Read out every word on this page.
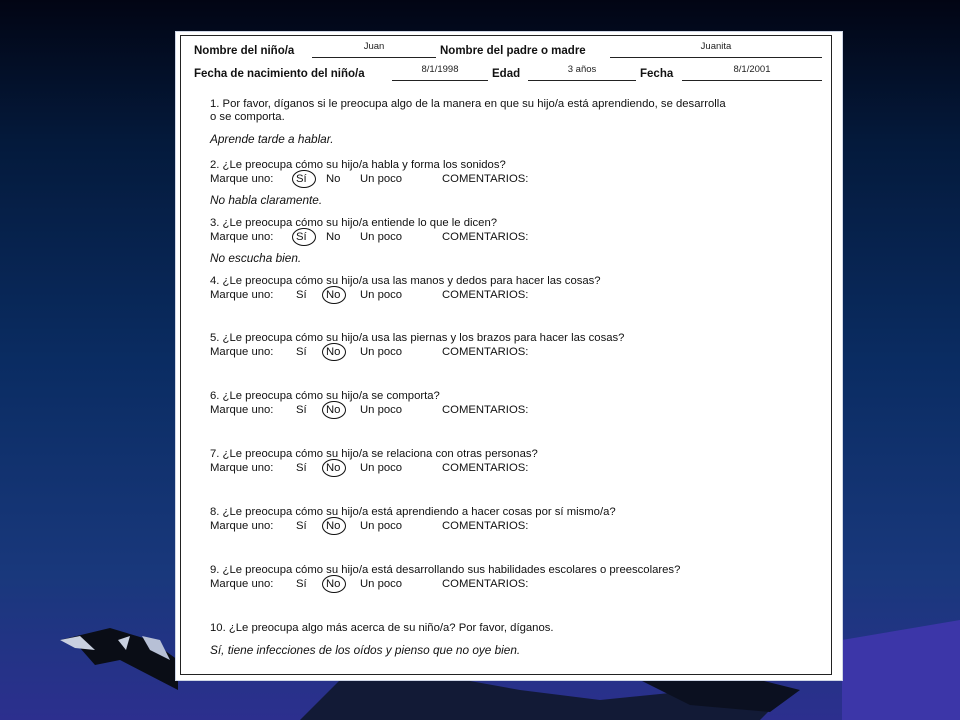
Nombre del niño/a	Juan	Nombre del padre o madre	Juanita
Fecha de nacimiento del niño/a	8/1/1998	Edad	3 años	Fecha	8/1/2001
1. Por favor, díganos si le preocupa algo de la manera en que su hijo/a está aprendiendo, se desarrolla
o se comporta.
Aprende tarde a hablar.
2. ¿Le preocupa cómo su hijo/a habla y forma los sonidos?
Marque uno: Sí No Un poco	COMENTARIOS:
No habla claramente.
3. ¿Le preocupa cómo su hijo/a entiende lo que le dicen?
Marque uno: Sí No Un poco	COMENTARIOS:
No escucha bien.
4. ¿Le preocupa cómo su hijo/a usa las manos y dedos para hacer las cosas?
Marque uno: Sí No Un poco	COMENTARIOS:
5. ¿Le preocupa cómo su hijo/a usa las piernas y los brazos para hacer las cosas?
Marque uno: Sí No Un poco	COMENTARIOS:
6. ¿Le preocupa cómo su hijo/a se comporta?
Marque uno: Sí No Un poco	COMENTARIOS:
7. ¿Le preocupa cómo su hijo/a se relaciona con otras personas?
Marque uno: Sí No Un poco	COMENTARIOS:
8. ¿Le preocupa cómo su hijo/a está aprendiendo a hacer cosas por sí mismo/a?
Marque uno: Sí No Un poco	COMENTARIOS:
9. ¿Le preocupa cómo su hijo/a está desarrollando sus habilidades escolares o preescolares?
Marque uno: Sí No Un poco	COMENTARIOS:
10. ¿Le preocupa algo más acerca de su niño/a? Por favor, díganos.
Sí, tiene infecciones de los oídos y pienso que no oye bien.
